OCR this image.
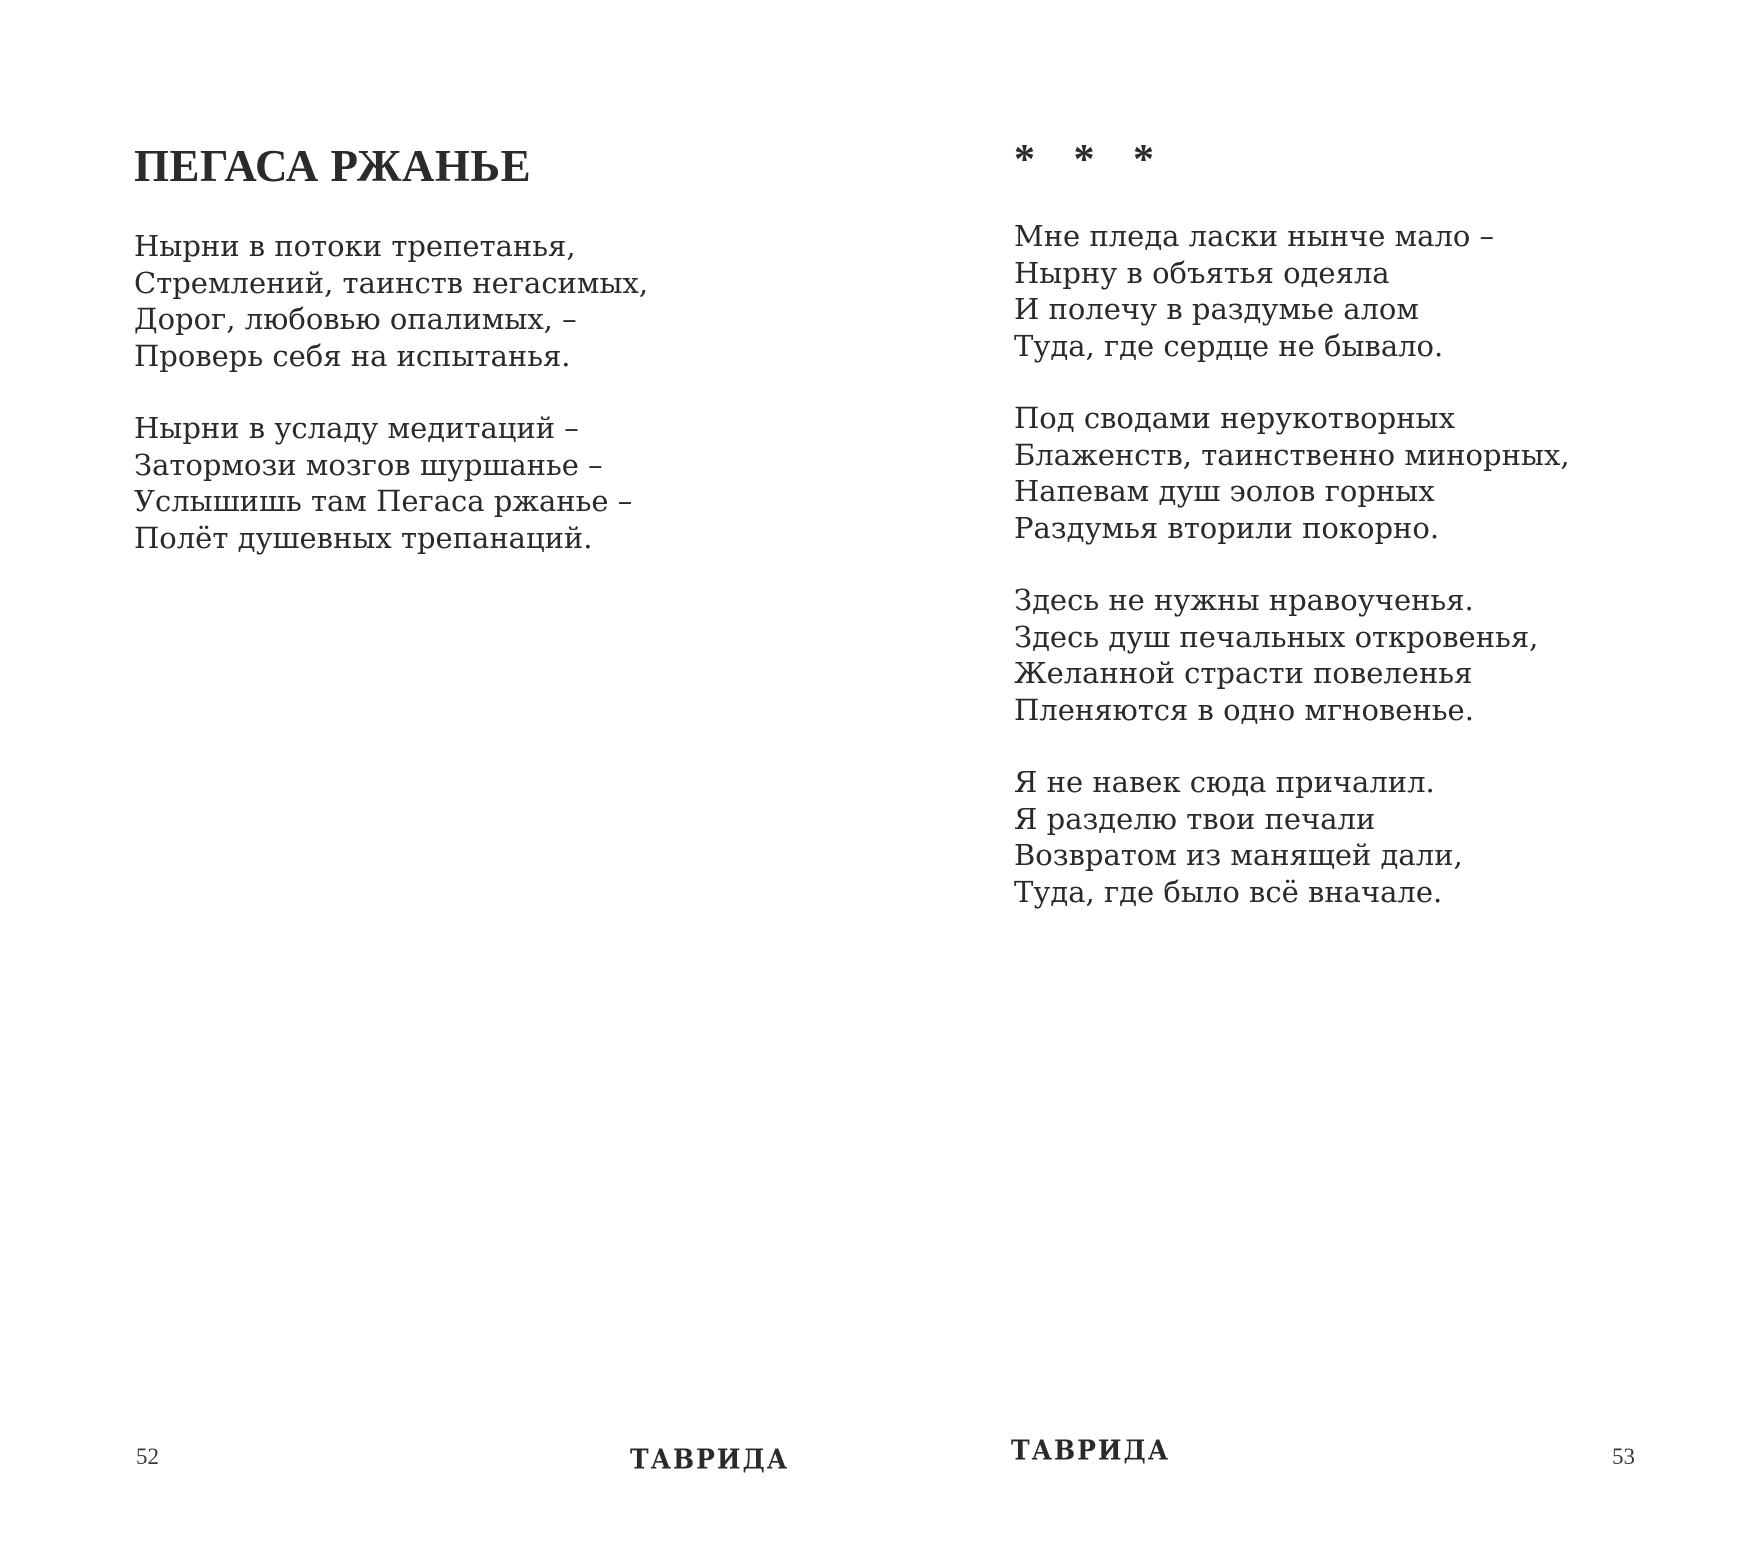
ПЕГАСА РЖАНЬЕ

Нырни в потоки трепетанья,
Стремлений, таинств негасимых,
Дорог, любовью опалимых, –
Проверь себя на испытанья.

Нырни в усладу медитаций –
Затормози мозгов шуршанье –
Услышишь там Пегаса ржанье –
Полёт душевных трепанаций.

52	ТАВРИДА
* * *

Мне пледа ласки нынче мало –
Нырну в объятья одеяла
И полечу в раздумье алом
Туда, где сердце не бывало.

Под сводами нерукотворных
Блаженств, таинственно минорных,
Напевам душ эолов горных
Раздумья вторили покорно.

Здесь не нужны нравоученья.
Здесь душ печальных откровенья,
Желанной страсти повеленья
Пленяются в одно мгновенье.

Я не навек сюда причалил.
Я разделю твои печали
Возвратом из манящей дали,
Туда, где было всё вначале.

ТАВРИДА	53
